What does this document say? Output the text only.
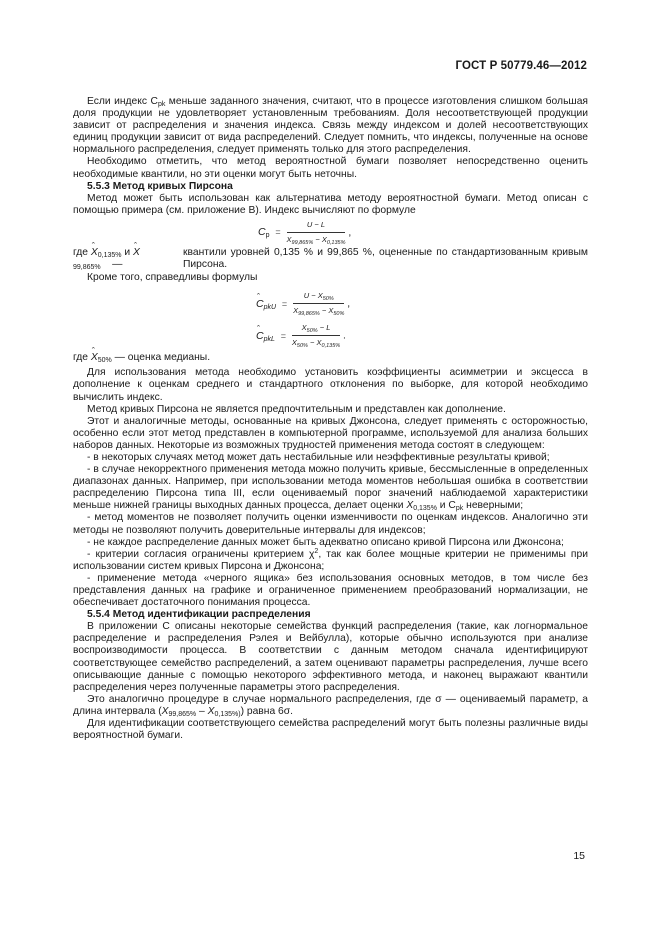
ГОСТ Р 50779.46—2012

Если индекс $C_{pk}$ меньше заданного значения, считают, что в процессе изготовления слишком большая доля продукции не удовлетворяет установленным требованиям. Доля несоответствующей продукции зависит от распределения и значения индекса. Связь между индексом и долей несоответствующих единиц продукции зависит от вида распределений. Следует помнить, что индексы, полученные на основе нормального распределения, следует применять только для этого распределения.

Необходимо отметить, что метод вероятностной бумаги позволяет непосредственно оценить необходимые квантили, но эти оценки могут быть неточны.

5.5.3 Метод кривых Пирсона

Метод может быть использован как альтернатива методу вероятностной бумаги. Метод описан с помощью примера (см. приложение В). Индекс вычисляют по формуле

$C_p = \frac{U - L}{X_{99,865\%} - X_{0,135\%}}$ ,
где ˆ $X_{0,135\%}$ и ˆ $X_{99,865\%}$ —
квантили уровней 0,135 % и 99,865 %, оцененные по стандартизованным кривым Пирсона.

Кроме того, справедливы формулы

ˆ $C_{pkU} = \frac{U - X_{50\%}}{X_{99,865\%} - X_{50\%}}$ ,
ˆ $C_{pkL} = \frac{X_{50\%} - L}{X_{50\%} - X_{0,135\%}}$ .

где ˆ $X_{50\%}$ — оценка медианы.

Для использования метода необходимо установить коэффициенты асимметрии и эксцесса в дополнение к оценкам среднего и стандартного отклонения по выборке, для которой необходимо вычислить индекс.

Метод кривых Пирсона не является предпочтительным и представлен как дополнение.

Этот и аналогичные методы, основанные на кривых Джонсона, следует применять с осторожностью, особенно если этот метод представлен в компьютерной программе, используемой для анализа больших наборов данных. Некоторые из возможных трудностей применения метода состоят в следующем:

- в некоторых случаях метод может дать нестабильные или неэффективные результаты кривой;

- в случае некорректного применения метода можно получить кривые, бессмысленные в определенных диапазонах данных. Например, при использовании метода моментов небольшая ошибка в соответствии распределению Пирсона типа III, если оцениваемый порог значений наблюдаемой характеристики меньше нижней границы выходных данных процесса, делает оценки $X_{0,135\%}$ и $C_{pk}$ неверными;

- метод моментов не позволяет получить оценки изменчивости по оценкам индексов. Аналогично эти методы не позволяют получить доверительные интервалы для индексов;

- не каждое распределение данных может быть адекватно описано кривой Пирсона или Джонсона;

- критерии согласия ограничены критерием $\chi^2$, так как более мощные критерии не применимы при использовании систем кривых Пирсона и Джонсона;

- применение метода «черного ящика» без использования основных методов, в том числе без представления данных на графике и ограниченное применением преобразований нормализации, не обеспечивает достаточного понимания процесса.

5.5.4 Метод идентификации распределения

В приложении С описаны некоторые семейства функций распределения (такие, как логнормальное распределение и распределения Рэлея и Вейбулла), которые обычно используются при анализе воспроизводимости процесса. В соответствии с данным методом сначала идентифицируют соответствующее семейство распределений, а затем оценивают параметры распределения, лучше всего описывающие данные с помощью некоторого эффективного метода, и наконец выражают квантили распределения через полученные параметры этого распределения.

Это аналогично процедуре в случае нормального распределения, где σ — оцениваемый параметр, а длина интервала $(X_{99,865\%} - X_{0,135\%)})$ равна 6σ.

Для идентификации соответствующего семейства распределений могут быть полезны различные виды вероятностной бумаги.

15
